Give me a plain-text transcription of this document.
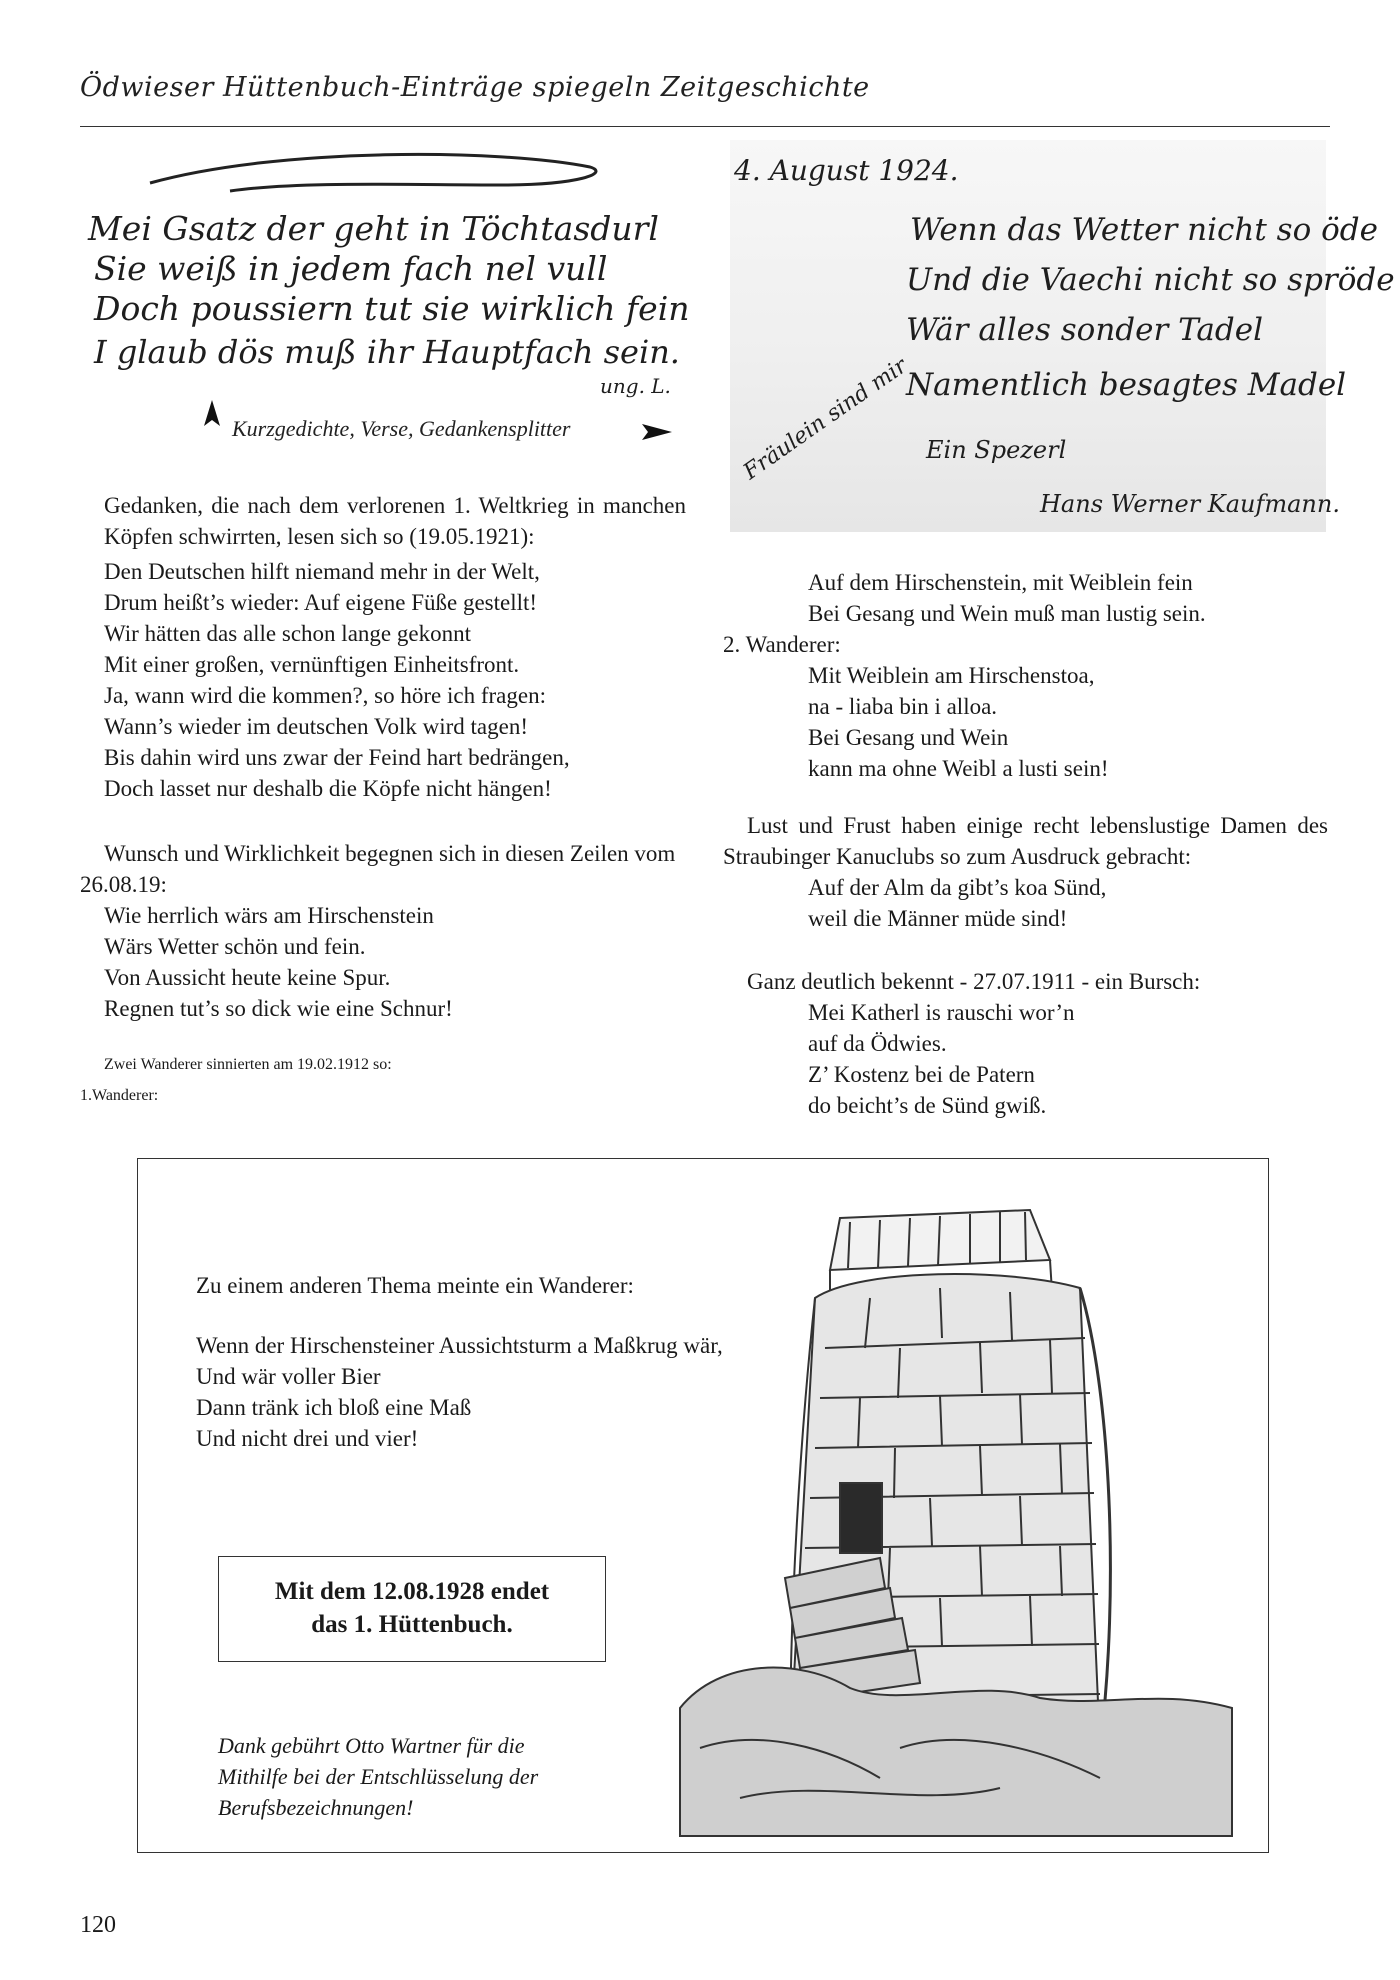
Ödwieser Hüttenbuch-Einträge spiegeln Zeitgeschichte
Mei Gsatz der geht in Töchtasdurl
Sie weiß in jedem fach nel vull
Doch poussiern tut sie wirklich fein
I glaub dös muß ihr Hauptfach sein.
ung. L.
Kurzgedichte, Verse, Gedankensplitter
4. August 1924.
Wenn das Wetter nicht so öde
Und die Vaechi nicht so spröde
Wär alles sonder Tadel
Namentlich besagtes Madel
Fräulein sind mir Ein Spezerl
Hans Werner Kaufmann.

Gedanken, die nach dem verlorenen 1. Weltkrieg in manchen Köpfen schwirrten, lesen sich so (19.05.1921):

Den Deutschen hilft niemand mehr in der Welt,
Drum heißt’s wieder: Auf eigene Füße gestellt!
Wir hätten das alle schon lange gekonnt
Mit einer großen, vernünftigen Einheitsfront.
Ja, wann wird die kommen?, so höre ich fragen:
Wann’s wieder im deutschen Volk wird tagen!
Bis dahin wird uns zwar der Feind hart bedrängen,
Doch lasset nur deshalb die Köpfe nicht hängen!

Wunsch und Wirklichkeit begegnen sich in diesen Zeilen vom 26.08.19:

Wie herrlich wärs am Hirschenstein
Wärs Wetter schön und fein.
Von Aussicht heute keine Spur.
Regnen tut’s so dick wie eine Schnur!
Zwei Wanderer sinnierten am 19.02.1912 so:
1.Wanderer:
Auf dem Hirschenstein, mit Weiblein fein
Bei Gesang und Wein muß man lustig sein.
2. Wanderer:
Mit Weiblein am Hirschenstoa,
na - liaba bin i alloa.
Bei Gesang und Wein
kann ma ohne Weibl a lusti sein!

Lust und Frust haben einige recht lebenslustige Damen des Straubinger Kanuclubs so zum Ausdruck gebracht:

Auf der Alm da gibt’s koa Sünd,
weil die Männer müde sind!
Ganz deutlich bekennt - 27.07.1911 - ein Bursch:
Mei Katherl is rauschi wor’n
auf da Ödwies.
Z’ Kostenz bei de Patern
do beicht’s de Sünd gwiß.
Zu einem anderen Thema meinte ein Wanderer:
Wenn der Hirschensteiner Aussichtsturm a Maßkrug wär,
Und wär voller Bier
Dann tränk ich bloß eine Maß
Und nicht drei und vier!
Mit dem 12.08.1928 endet
das 1. Hüttenbuch.
Dank gebührt Otto Wartner für die
Mithilfe bei der Entschlüsselung der
Berufsbezeichnungen!
120
